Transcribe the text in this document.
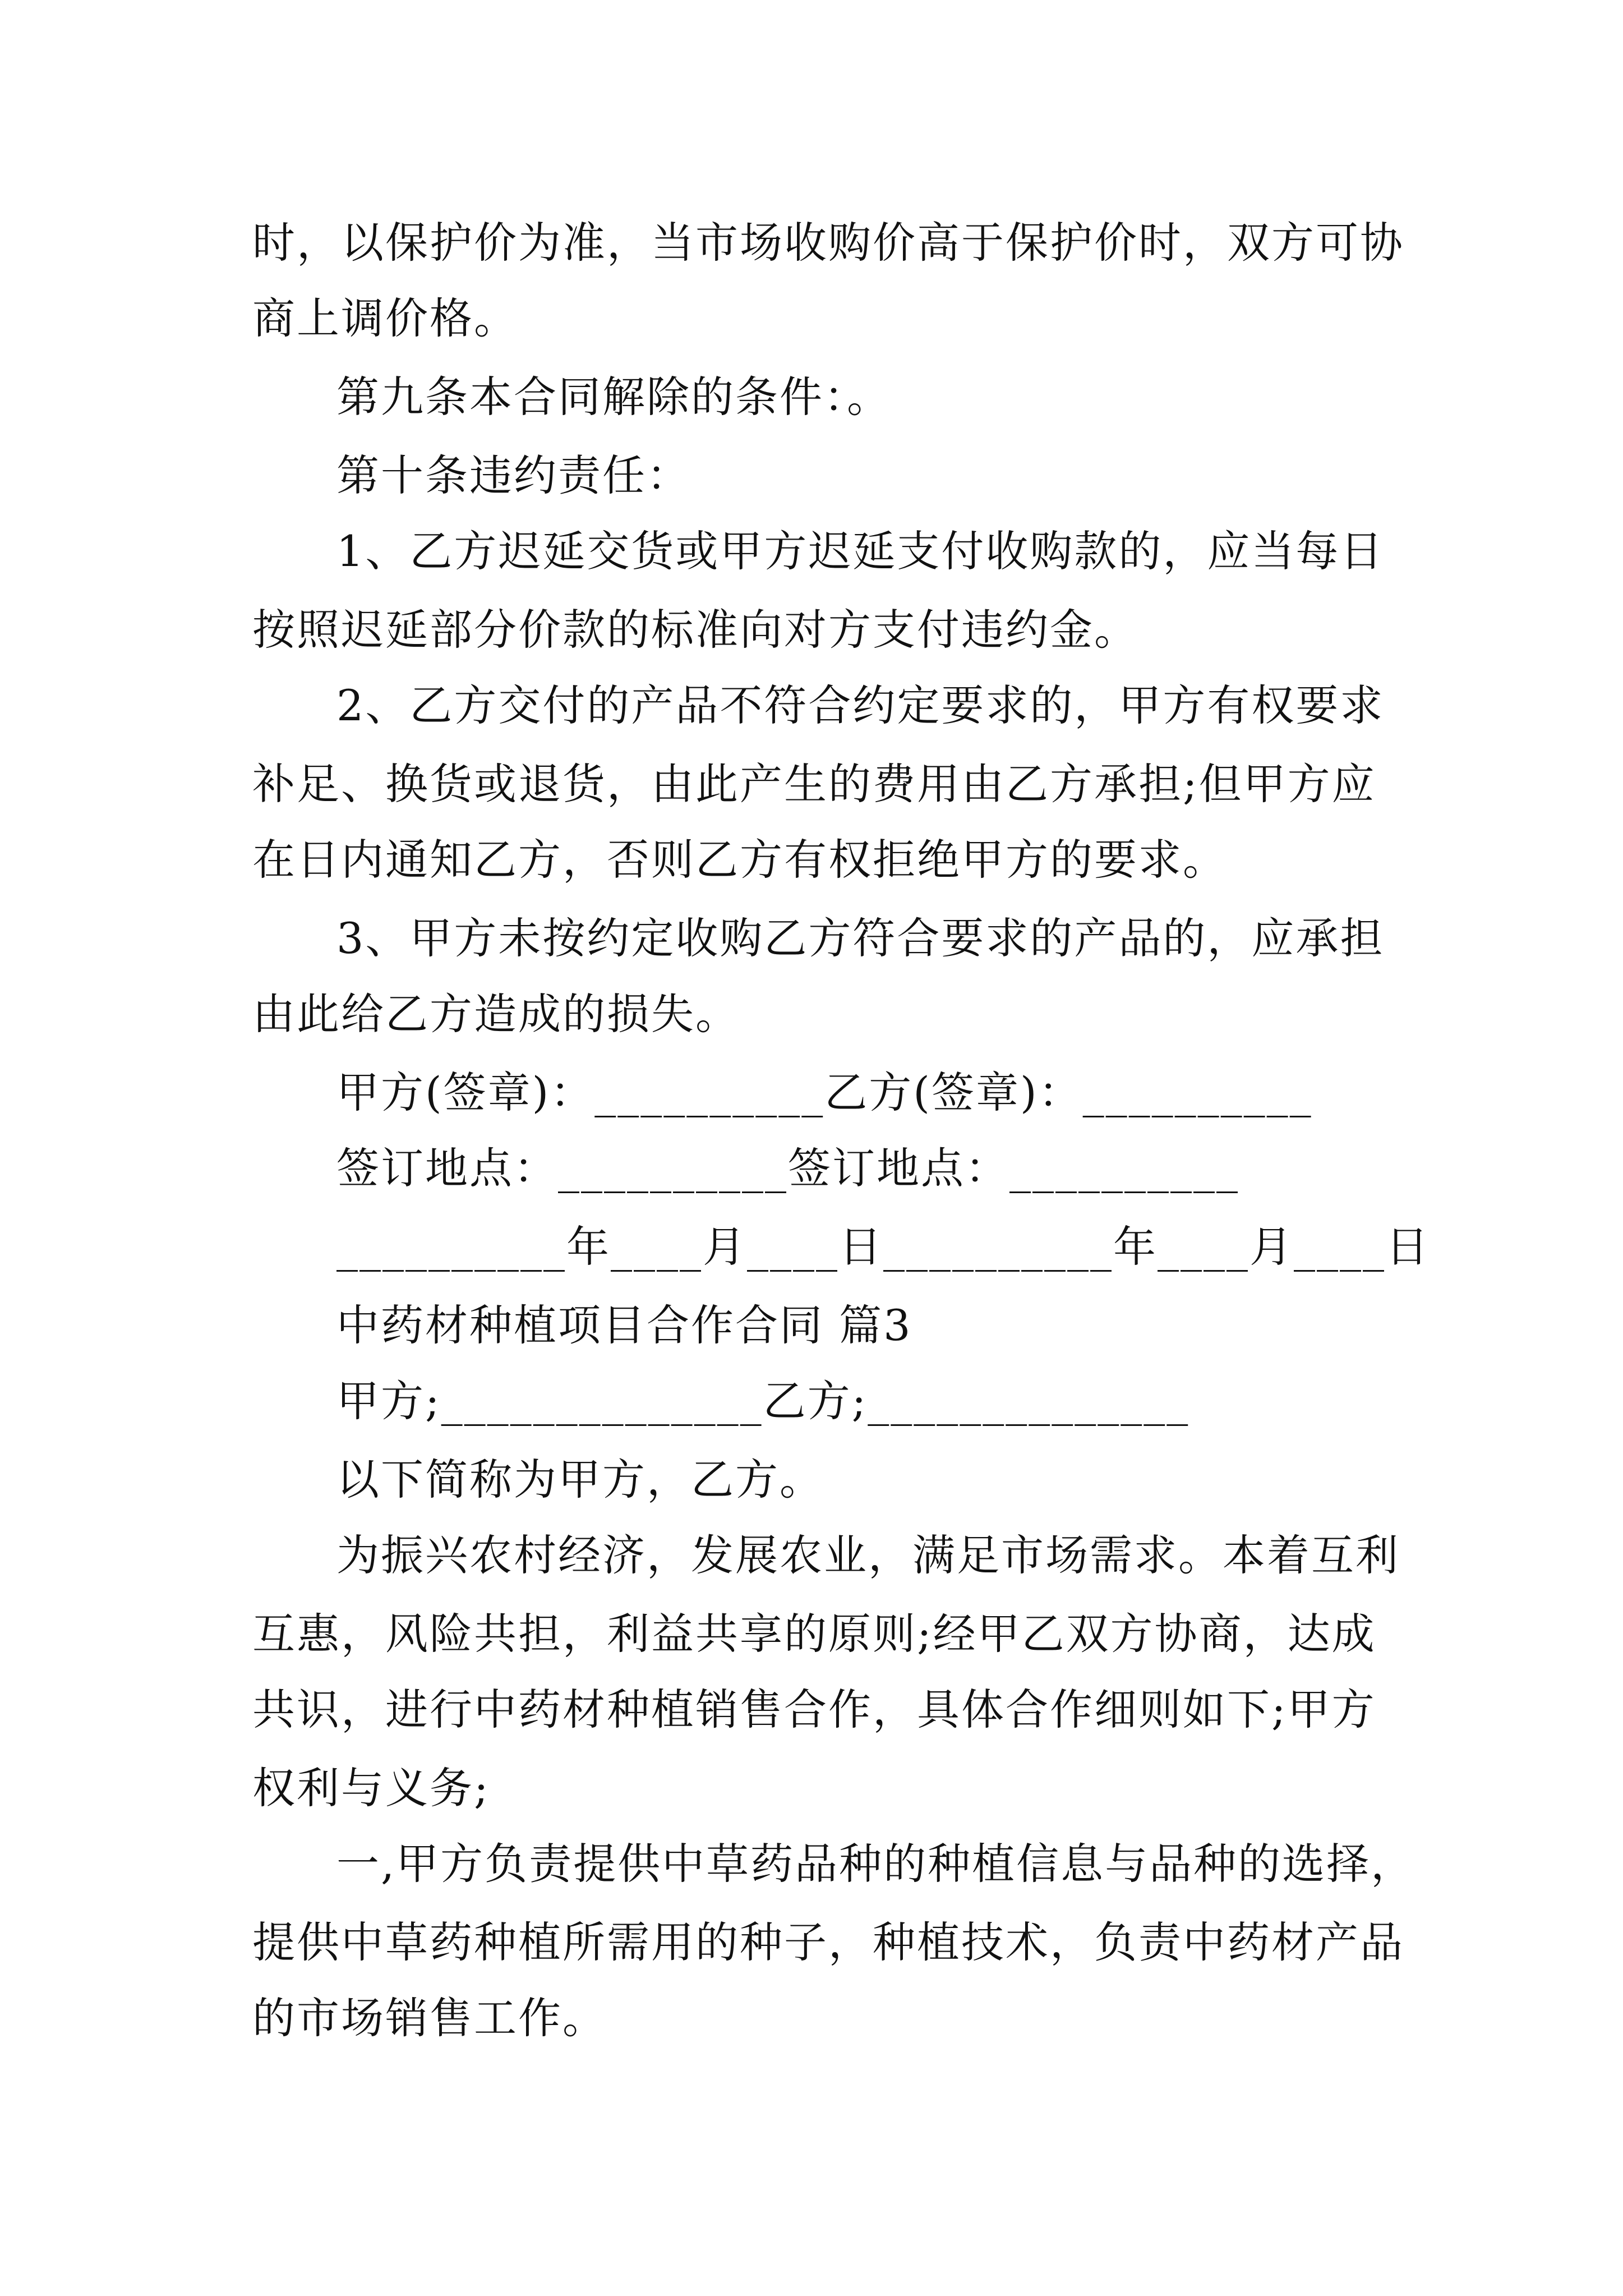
时，以保护价为准，当市场收购价高于保护价时，双方可协
商上调价格。
第九条本合同解除的条件：。
第十条违约责任：
1、乙方迟延交货或甲方迟延支付收购款的，应当每日
按照迟延部分价款的标准向对方支付违约金。
2、乙方交付的产品不符合约定要求的，甲方有权要求
补足、换货或退货，由此产生的费用由乙方承担;但甲方应
在日内通知乙方，否则乙方有权拒绝甲方的要求。
3、甲方未按约定收购乙方符合要求的产品的，应承担
由此给乙方造成的损失。
甲方(签章)：__________乙方(签章)：__________
签订地点：__________签订地点：__________
__________年____月____日__________年____月____日
中药材种植项目合作合同 篇3
甲方;______________乙方;______________
以下简称为甲方，乙方。
为振兴农村经济，发展农业，满足市场需求。本着互利
互惠，风险共担，利益共享的原则;经甲乙双方协商，达成
共识，进行中药材种植销售合作，具体合作细则如下;甲方
权利与义务;
一,甲方负责提供中草药品种的种植信息与品种的选择，
提供中草药种植所需用的种子，种植技术，负责中药材产品
的市场销售工作。
